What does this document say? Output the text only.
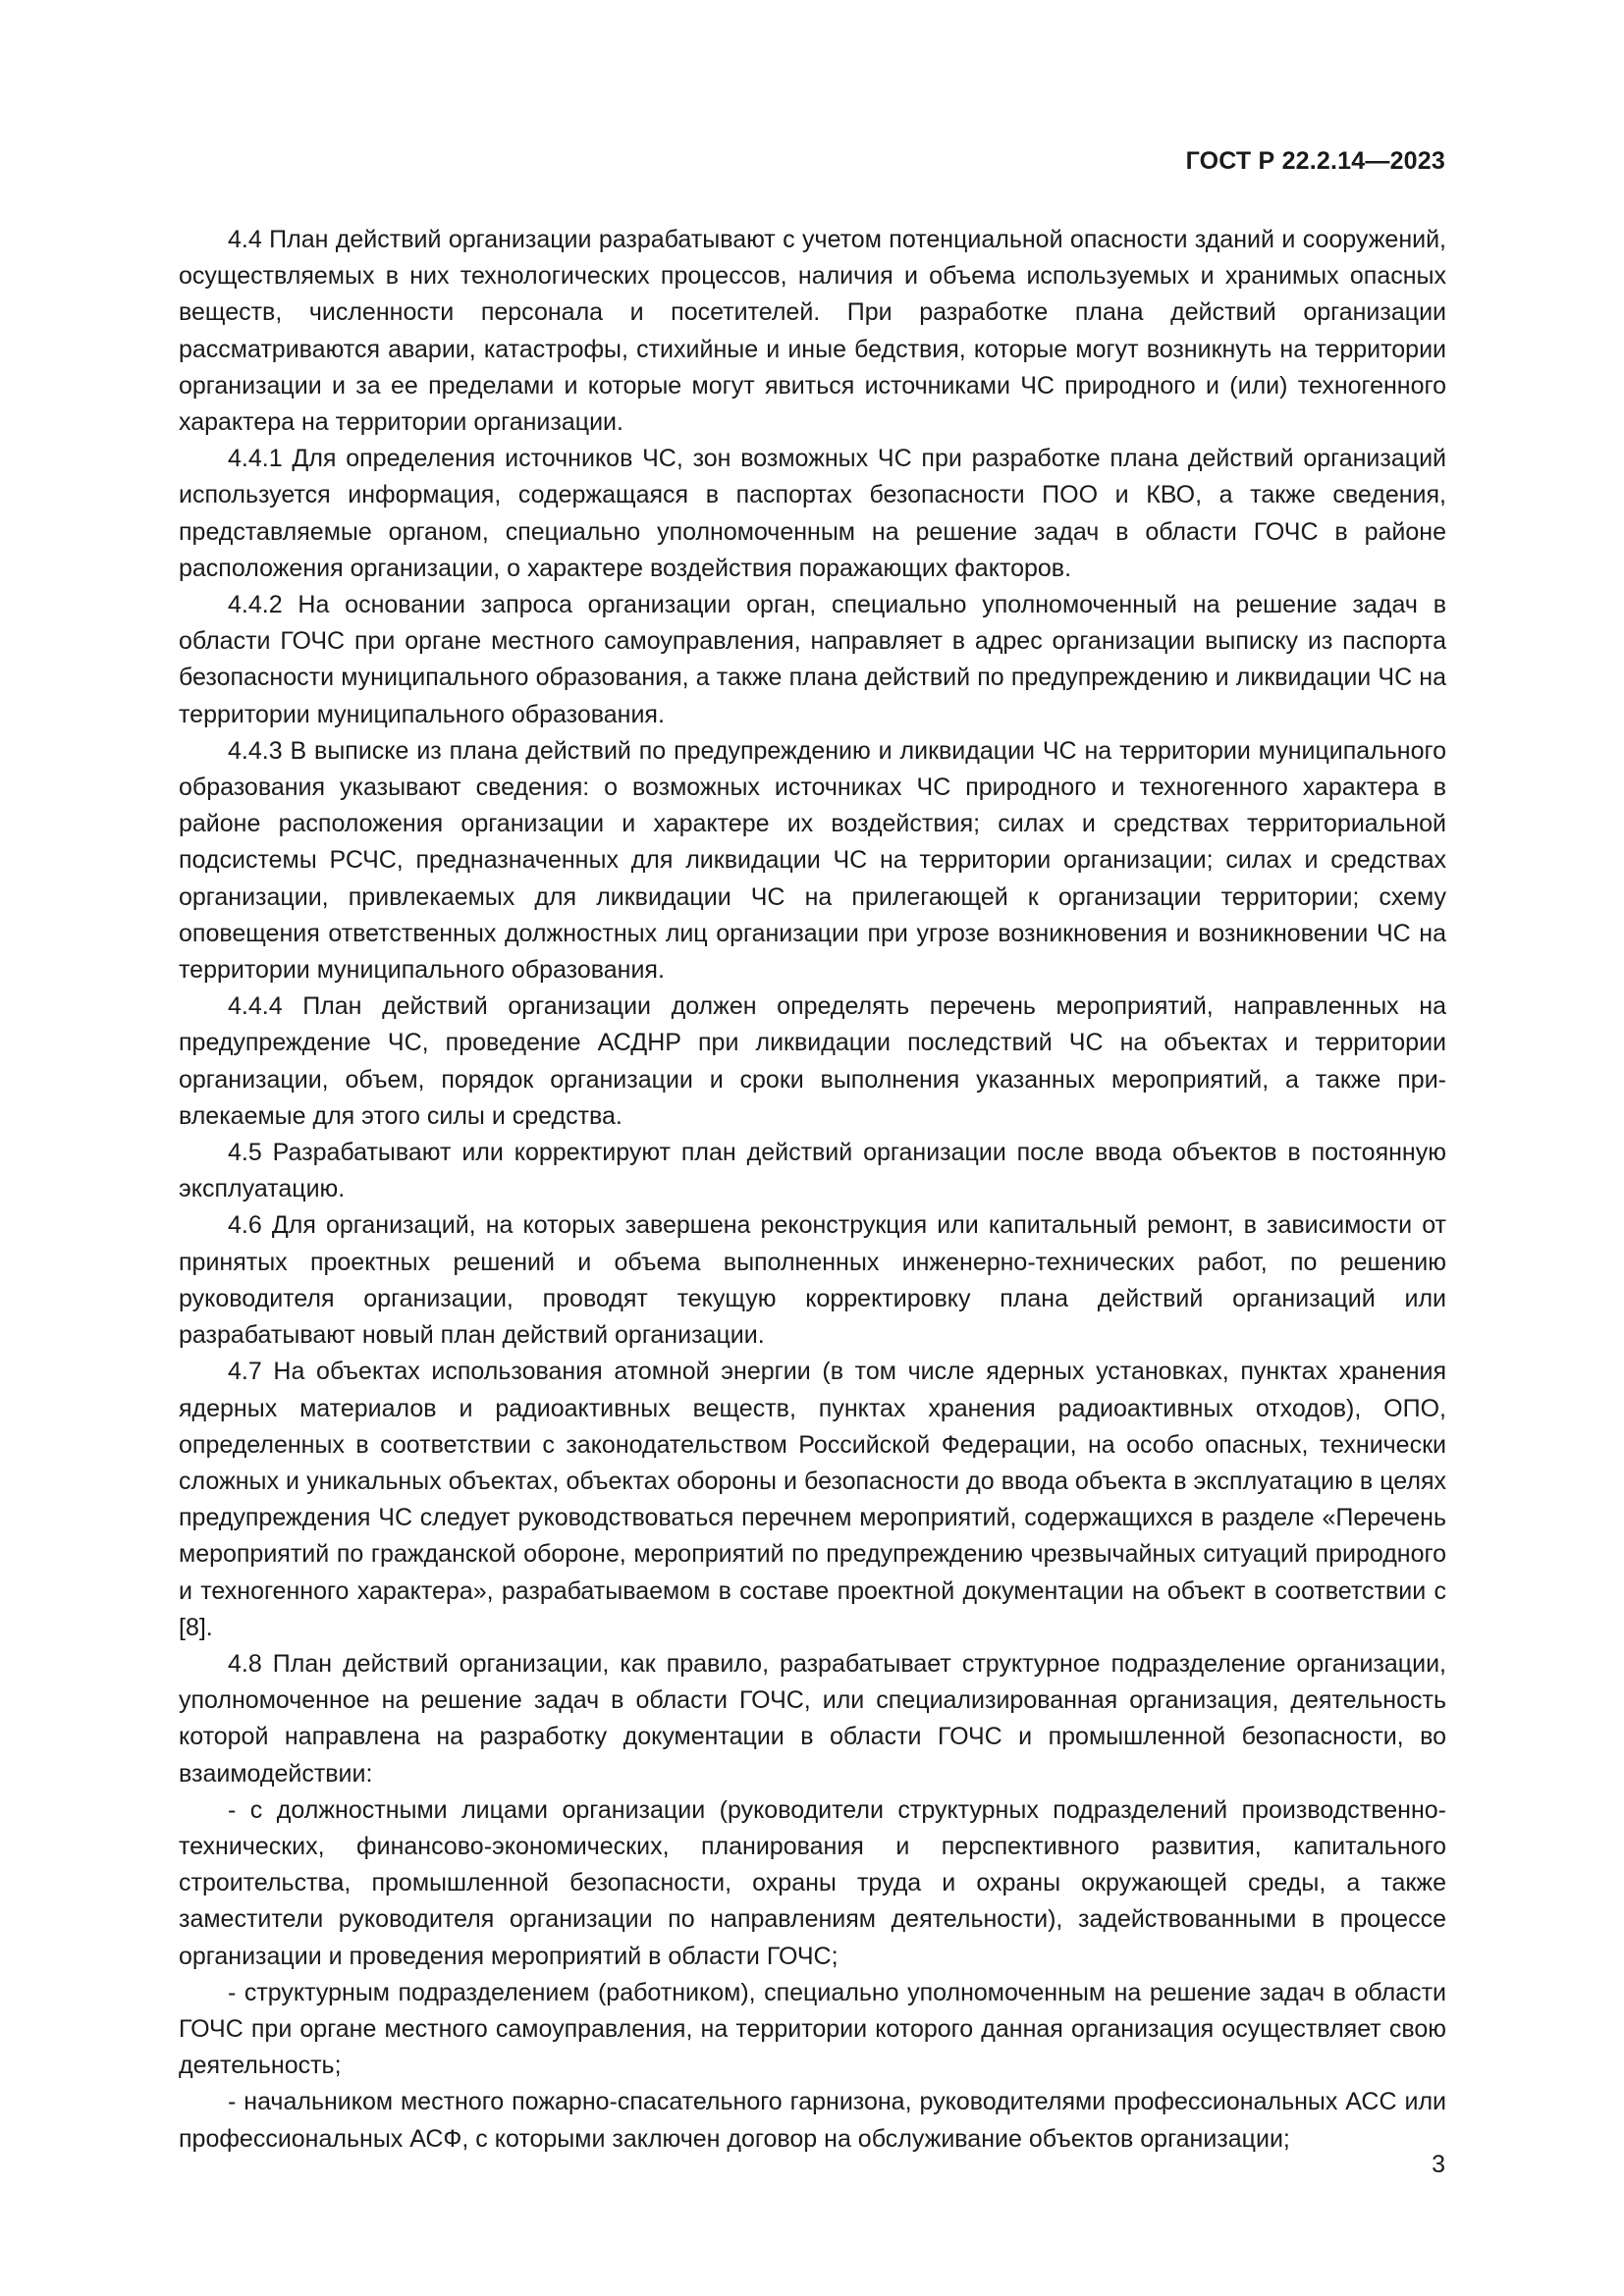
ГОСТ Р 22.2.14—2023

4.4 План действий организации разрабатывают с учетом потенциальной опасности зданий и сооружений, осуществляемых в них технологических процессов, наличия и объема используемых и хранимых опасных веществ, численности персонала и посетителей. При разработке плана действий организации рассматриваются аварии, катастрофы, стихийные и иные бедствия, которые могут возникнуть на территории организации и за ее пределами и которые могут явиться источниками ЧС природного и (или) техногенного характера на территории организации.

4.4.1 Для определения источников ЧС, зон возможных ЧС при разработке плана действий организаций используется информация, содержащаяся в паспортах безопасности ПОО и КВО, а также сведения, представляемые органом, специально уполномоченным на решение задач в области ГОЧС в районе расположения организации, о характере воздействия поражающих факторов.

4.4.2 На основании запроса организации орган, специально уполномоченный на решение задач в области ГОЧС при органе местного самоуправления, направляет в адрес организации выписку из паспорта безопасности муниципального образования, а также плана действий по предупреждению и ликвидации ЧС на территории муниципального образования.

4.4.3 В выписке из плана действий по предупреждению и ликвидации ЧС на территории муниципального образования указывают сведения: о возможных источниках ЧС природного и техногенного характера в районе расположения организации и характере их воздействия; силах и средствах территориальной подсистемы РСЧС, предназначенных для ликвидации ЧС на территории организации; силах и средствах организации, привлекаемых для ликвидации ЧС на прилегающей к организации территории; схему оповещения ответственных должностных лиц организации при угрозе возникновения и возникновении ЧС на территории муниципального образования.

4.4.4 План действий организации должен определять перечень мероприятий, направленных на предупреждение ЧС, проведение АСДНР при ликвидации последствий ЧС на объектах и территории организации, объем, порядок организации и сроки выполнения указанных мероприятий, а также привлекаемые для этого силы и средства.

4.5 Разрабатывают или корректируют план действий организации после ввода объектов в постоянную эксплуатацию.

4.6 Для организаций, на которых завершена реконструкция или капитальный ремонт, в зависимости от принятых проектных решений и объема выполненных инженерно-технических работ, по решению руководителя организации, проводят текущую корректировку плана действий организаций или разрабатывают новый план действий организации.

4.7 На объектах использования атомной энергии (в том числе ядерных установках, пунктах хранения ядерных материалов и радиоактивных веществ, пунктах хранения радиоактивных отходов), ОПО, определенных в соответствии с законодательством Российской Федерации, на особо опасных, технически сложных и уникальных объектах, объектах обороны и безопасности до ввода объекта в эксплуатацию в целях предупреждения ЧС следует руководствоваться перечнем мероприятий, содержащихся в разделе «Перечень мероприятий по гражданской обороне, мероприятий по предупреждению чрезвычайных ситуаций природного и техногенного характера», разрабатываемом в составе проектной документации на объект в соответствии с [8].

4.8 План действий организации, как правило, разрабатывает структурное подразделение организации, уполномоченное на решение задач в области ГОЧС, или специализированная организация, деятельность которой направлена на разработку документации в области ГОЧС и промышленной безопасности, во взаимодействии:

- с должностными лицами организации (руководители структурных подразделений производственно-технических, финансово-экономических, планирования и перспективного развития, капитального строительства, промышленной безопасности, охраны труда и охраны окружающей среды, а также заместители руководителя организации по направлениям деятельности), задействованными в процессе организации и проведения мероприятий в области ГОЧС;

- структурным подразделением (работником), специально уполномоченным на решение задач в области ГОЧС при органе местного самоуправления, на территории которого данная организация осуществляет свою деятельность;

- начальником местного пожарно-спасательного гарнизона, руководителями профессиональных АСС или профессиональных АСФ, с которыми заключен договор на обслуживание объектов организации;

3
